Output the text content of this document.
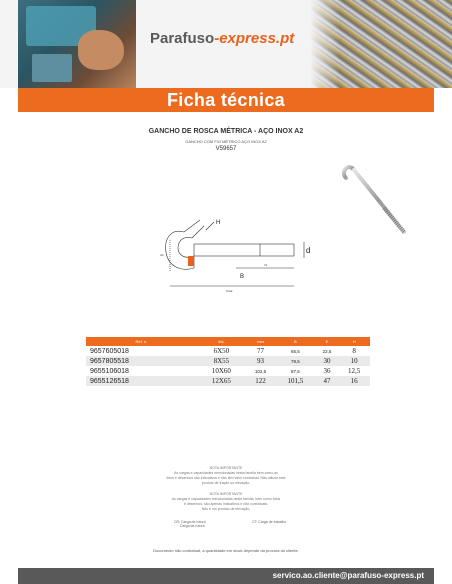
Parafuso-express.pt
Ficha técnica
GANCHO DE ROSCA MÉTRICA - AÇO INOX A2
GANCHO COM FIO MÉTRICO AÇO INOX A2
V59657
H
d
B
Int
Total
Alt
Ref. n.	dxL	mm	B	E	H
9657605018	6X50	77	65,5	22,5	8
9657805518	8X55	93	78,5	30	10
9655106018	10X60	102,5	87,5	36	12,5
9655126518	12X65	122	101,5	47	16
NOTA IMPORTANTE
As cargas e capacidades mencionadas nesta família bem como as
fotos e desenhos são indicativos e não têm valor contratual. Não utilizar este
produto de tração ou elevação.
NOTA IMPORTANTE
As cargas e capacidades mencionadas nesta família, bem como fotos
e desenhos, são apenas indicativos e não contratuais.
Não é um produto de elevação.
CR: Carga de rutura
Carga de rutura
CT: Carga de trabalho
Documento não contratual, a quantidade em stock depende da procura do cliente.
servico.ao.cliente@parafuso-express.pt
